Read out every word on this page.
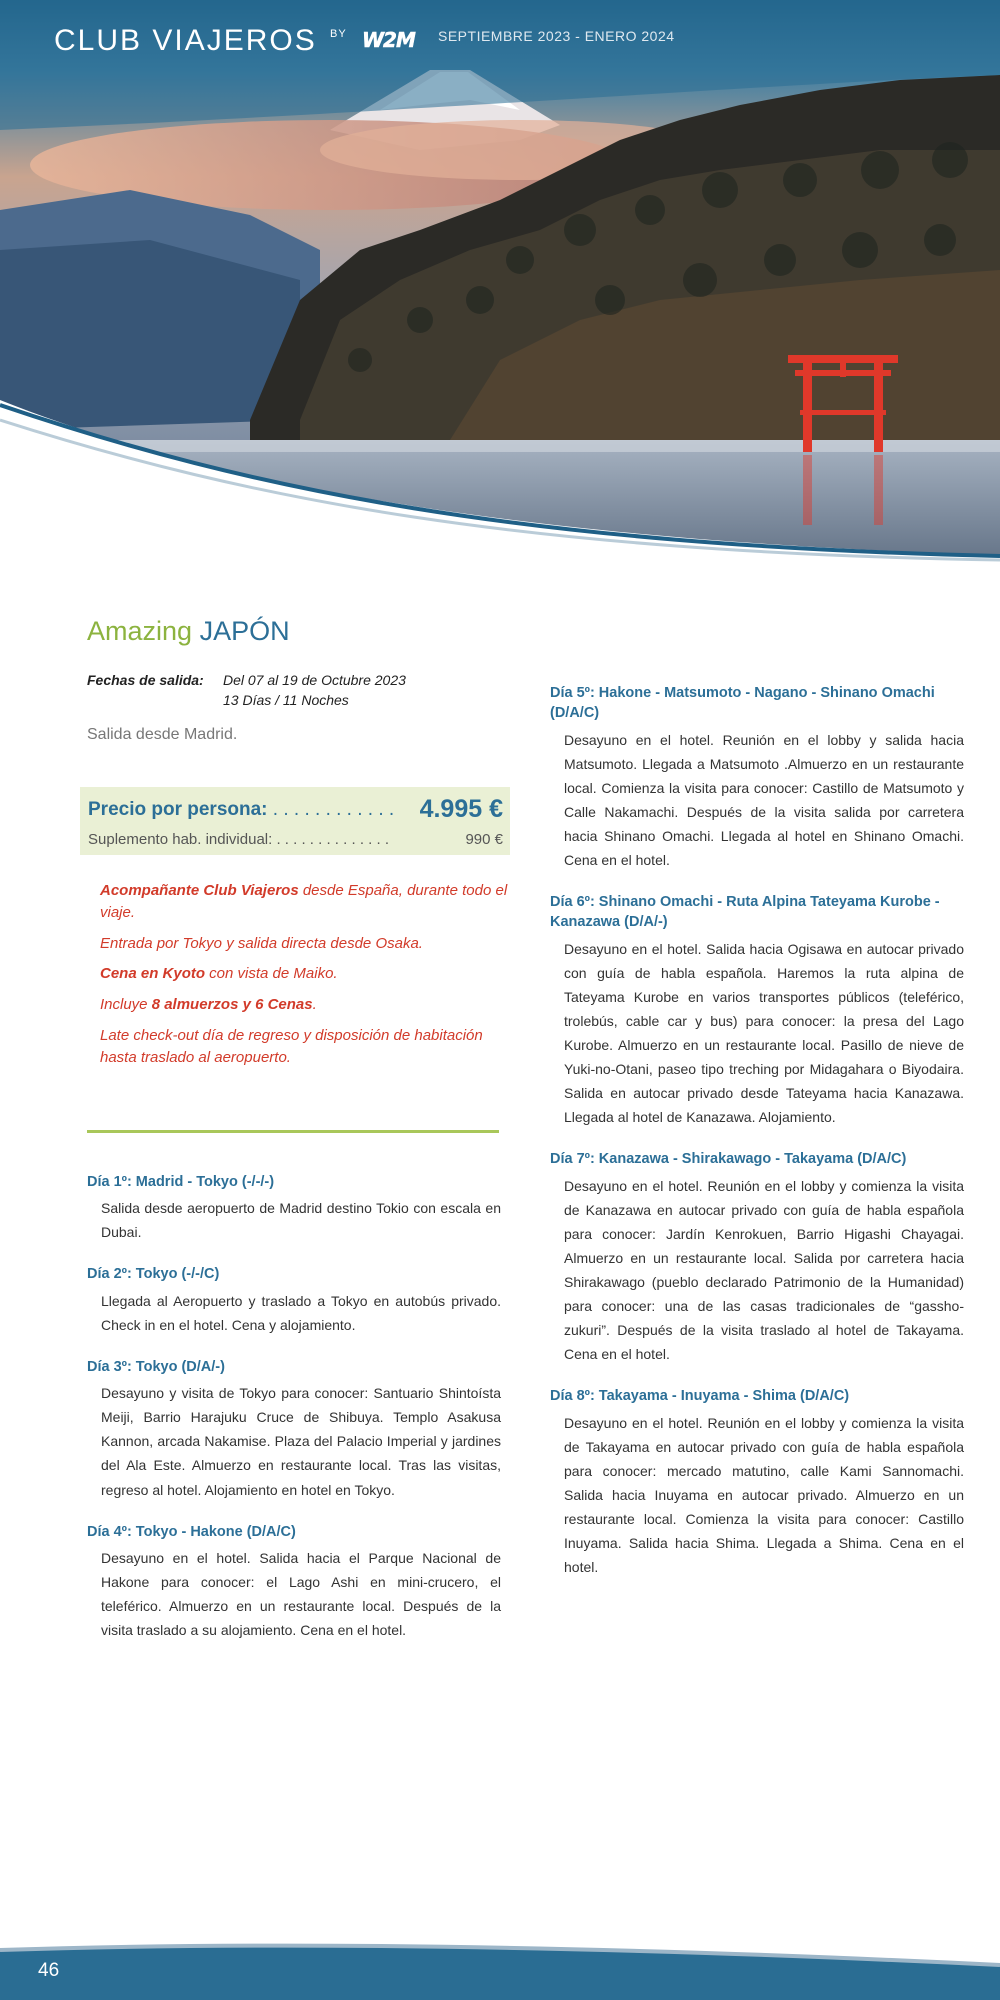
CLUB VIAJEROS BY W2M	SEPTIEMBRE 2023 - ENERO 2024
Amazing JAPÓN
Fechas de salida: Del 07 al 19 de Octubre 2023
13 Días / 11 Noches
Salida desde Madrid.
Precio por persona: . . . . . . . . . . . . 4.995 €
Suplemento hab. individual: . . . . . . . . . . . . . .	990 €

Acompañante Club Viajeros desde España, durante todo el viaje.

Entrada por Tokyo y salida directa desde Osaka.

Cena en Kyoto con vista de Maiko.

Incluye 8 almuerzos y 6 Cenas.

Late check-out día de regreso y disposición de habitación hasta traslado al aeropuerto.

Día 1º: Madrid - Tokyo (-/-/-)
Salida desde aeropuerto de Madrid destino Tokio con escala en Dubai.
Día 2º: Tokyo (-/-/C)
Llegada al Aeropuerto y traslado a Tokyo en autobús privado. Check in en el hotel. Cena y alojamiento.
Día 3º: Tokyo (D/A/-)
Desayuno y visita de Tokyo para conocer: Santuario Shintoísta Meiji, Barrio Harajuku Cruce de Shibuya. Templo Asakusa Kannon, arcada Nakamise. Plaza del Palacio Imperial y jardines del Ala Este. Almuerzo en restaurante local. Tras las visitas, regreso al hotel. Alojamiento en hotel en Tokyo.
Día 4º: Tokyo - Hakone (D/A/C)
Desayuno en el hotel. Salida hacia el Parque Nacional de Hakone para conocer: el Lago Ashi en mini-crucero, el teleférico. Almuerzo en un restaurante local. Después de la visita traslado a su alojamiento. Cena en el hotel.
Día 5º: Hakone - Matsumoto - Nagano - Shinano Omachi (D/A/C)
Desayuno en el hotel. Reunión en el lobby y salida hacia Matsumoto. Llegada a Matsumoto .Almuerzo en un restaurante local. Comienza la visita para conocer: Castillo de Matsumoto y Calle Nakamachi. Después de la visita salida por carretera hacia Shinano Omachi. Llegada al hotel en Shinano Omachi. Cena en el hotel.
Día 6º: Shinano Omachi - Ruta Alpina Tateyama Kurobe - Kanazawa (D/A/-)
Desayuno en el hotel. Salida hacia Ogisawa en autocar privado con guía de habla española. Haremos la ruta alpina de Tateyama Kurobe en varios transportes públicos (teleférico, trolebús, cable car y bus) para conocer: la presa del Lago Kurobe. Almuerzo en un restaurante local. Pasillo de nieve de Yuki-no-Otani, paseo tipo treching por Midagahara o Biyodaira. Salida en autocar privado desde Tateyama hacia Kanazawa. Llegada al hotel de Kanazawa. Alojamiento.
Día 7º: Kanazawa - Shirakawago - Takayama (D/A/C)
Desayuno en el hotel. Reunión en el lobby y comienza la visita de Kanazawa en autocar privado con guía de habla española para conocer: Jardín Kenrokuen, Barrio Higashi Chayagai. Almuerzo en un restaurante local. Salida por carretera hacia Shirakawago (pueblo declarado Patrimonio de la Humanidad) para conocer: una de las casas tradicionales de “gassho-zukuri”. Después de la visita traslado al hotel de Takayama. Cena en el hotel.
Día 8º: Takayama - Inuyama - Shima (D/A/C)
Desayuno en el hotel. Reunión en el lobby y comienza la visita de Takayama en autocar privado con guía de habla española para conocer: mercado matutino, calle Kami Sannomachi. Salida hacia Inuyama en autocar privado. Almuerzo en un restaurante local. Comienza la visita para conocer: Castillo Inuyama. Salida hacia Shima. Llegada a Shima. Cena en el hotel.
46
